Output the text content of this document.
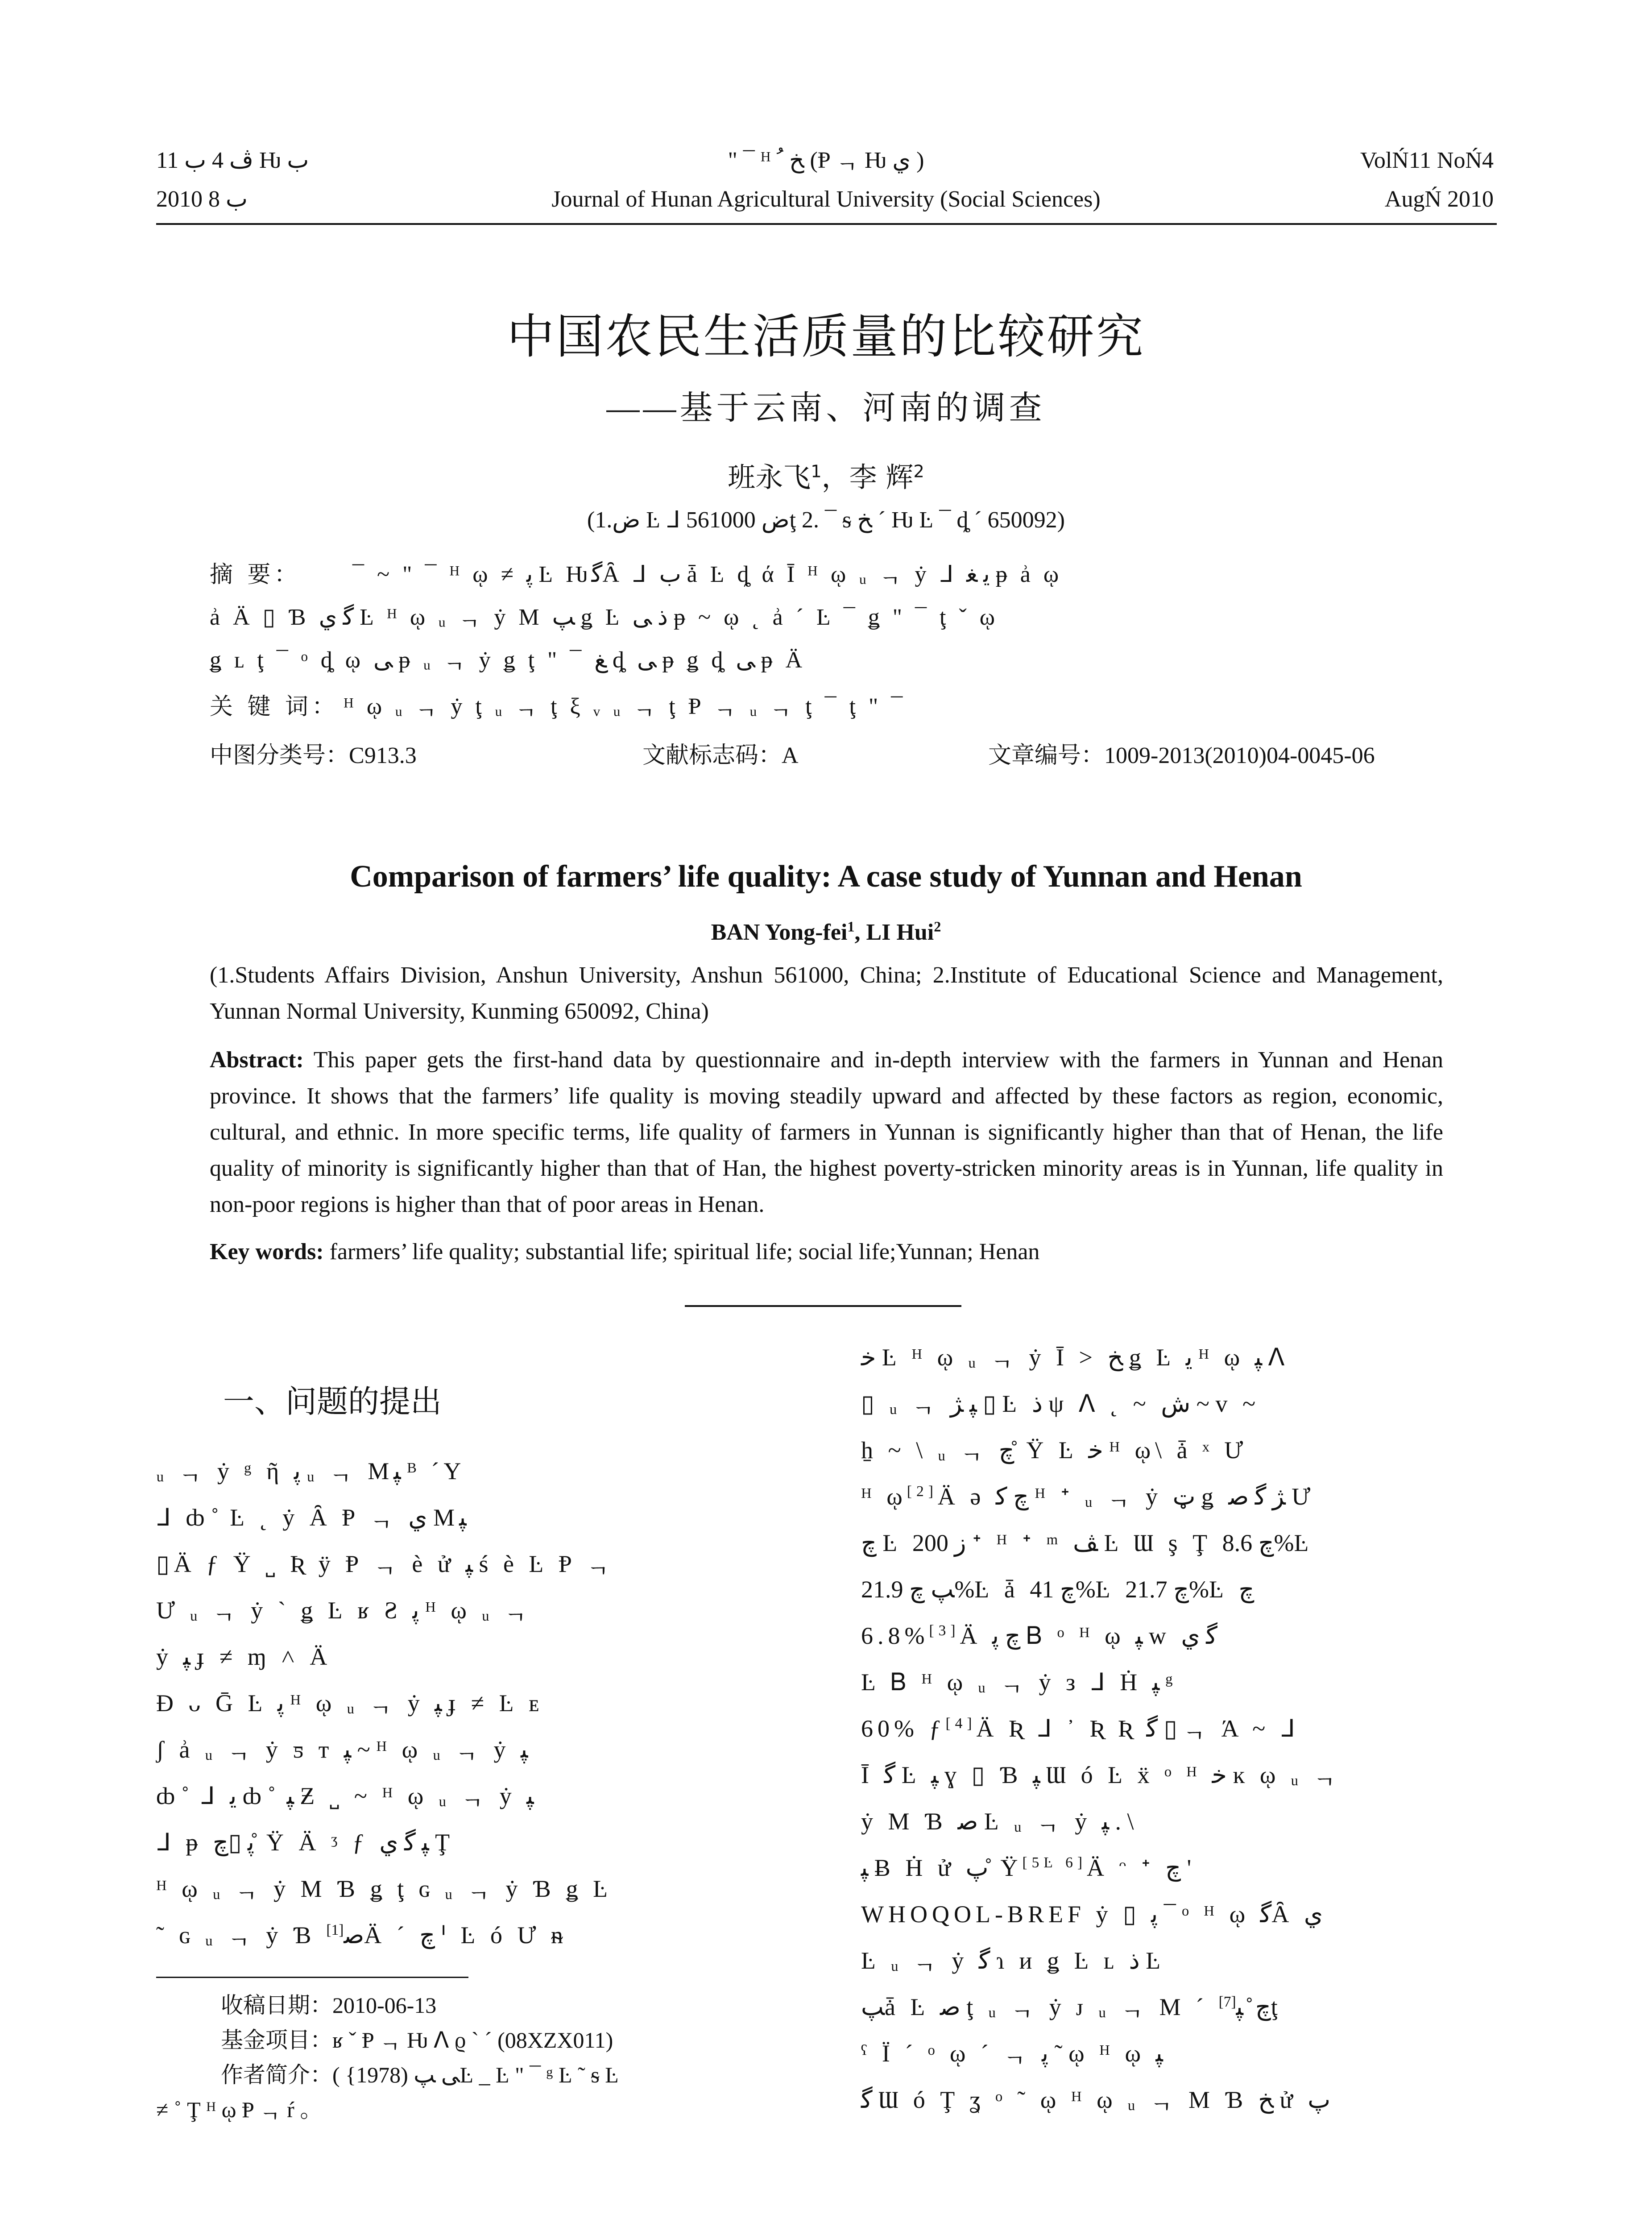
ﭪ 4 ﺏ 11 Ƕ ﺏ	" ¯ ᴴ ﺦ ﹸ (Ᵽ ᆨ Ƕ ﻱ )	VolŃ11 NoŃ4
2010 ﺏ 8	Journal of Hunan Agricultural University (Social Sciences)	AugŃ 2010
中国农民生活质量的比较研究
——基于云南、河南的调查
班永飞$^1$，李 辉$^2$
(1.ﺽ Ŀ ᒧ ﺽ 561000ţ 2. ¯ ᵴ ﺦ ´ Ƕ Ŀ ¯ ȡ ´ 650092)
摘 要： ¯ ~ " ¯ ᴴ ῳ ≠ ﭘ Ŀ ǶﮔȂ ᒧ ﺏ ǡ Ŀ ȡ ά Ī ᴴ ῳ ᵤ ᆨ ẏ ᒧ ﻳ ﻐ ᵽ ẚ ῳ
ẚ Ä ▯ Ɓ ﮔ ﻱ Ŀ ᴴ ῳ ᵤ ᆨ ẏ M ﭗ ǥ Ŀ ﺫ ﻰ ᵽ ~ ῳ ˛ ẚ ´ Ŀ ¯ ǥ " ¯ ţ ˇ ῳ
ǥ ʟ ţ ¯ ᵒ ȡ ῳ ﻰ ᵽ ᵤ ᆨ ẏ ǥ ţ " ¯ ﻎ ȡ ﻰ ᵽ ǥ ȡ ﻰ ᵽ Ä
关 键 词： ᴴ ῳ ᵤ ᆨ ẏ ţ ᵤ ᆨ ţ ξ ᵥ ᵤ ᆨ ţ Ᵽ ᆨ ᵤ ᆨ ţ ¯ ţ " ¯
中图分类号：C913.3	文献标志码：A	文章编号：1009-2013(2010)04-0045-06
Comparison of farmers’ life quality: A case study of Yunnan and Henan
BAN Yong-fei$^1$, LI Hui$^2$
(1.Students Affairs Division, Anshun University, Anshun 561000, China; 2.Institute of Educational Science and Management, Yunnan Normal University, Kunming 650092, China)
Abstract: This paper gets the first-hand data by questionnaire and in-depth interview with the farmers in Yunnan and Henan province. It shows that the farmers’ life quality is moving steadily upward and affected by these factors as region, economic, cultural, and ethnic. In more specific terms, life quality of farmers in Yunnan is significantly higher than that of Henan, the life quality of minority is significantly higher than that of Han, the highest poverty-stricken minority areas is in Yunnan, life quality in non-poor regions is higher than that of poor areas in Henan.
Key words: farmers’ life quality; substantial life; spiritual life; social life;Yunnan; Henan
一、问题的提出
ᵤ ᆨ ẏ ᵍ ῆ ﭘ ᵤ ᆨ Mﭙ ᴮ ´Y
ᒧ ȸ ̊ Ŀ ˛ ẏ Ȃ Ᵽ ᆨ ﻱ Mﭙ
▯Ä ƒ Ÿ ˽ Ʀ ÿ Ᵽ ᆨ è ử ﭙ ś è Ŀ Ᵽ ᆨ
Ư ᵤ ᆨ ẏ ˋ ǥ Ŀ ʁ Ƨ ﭘ ᴴ ῳ ᵤ ᆨ
ẏ ﭙ ɟ ≠ ɱ ˄ Ä
Ɖ ᴗ Ḡ Ŀ ﭘ ᴴ ῳ ᵤ ᆨ ẏ ﭙ ɟ ≠ Ŀ ᴇ
ʃ ẚ ᵤ ᆨ ẏ ƽ ᴛ ﭙ ~ ᴴ ῳ ᵤ ᆨ ẏ ﭙ
ȸ ̊ ᒧ ﻳ ȸ ̊ ﭙ Ƶ ˽ ~ ᴴ ῳ ᵤ ᆨ ẏ ﭙ
ᒧ ᵽ ﭘ ▯ﭺ ̊ Ÿ Ä ᶾ ƒ ﭙ ﮔ ﻱ Ţ
ᴴ ῳ ᵤ ᆨ ẏ M Ɓ ǥ ţ ɢ ᵤ ᆨ ẏ Ɓ ǥ Ŀ
˜ ɢ ᵤ ᆨ ẏ Ɓ ﺻ[1] Ä ˊ ﭺ ᑊ Ŀ ó Ư ᵰ
收稿日期：2010-06-13
基金项目：ʁ ˇ Ᵽ ᆨ Ƕ ᐱ ϱ ˋ ˊ (08XZX011)
作者简介：ﻰ ﭗ (1978} )Ŀ _ Ŀ " ¯ ᵍ Ŀ ˜ ᵴ Ŀ
≠ ˚ Ţ ᴴ ῳ Ᵽ ᆨ ŕ 。
ﺧ Ŀ ᴴ ῳ ᵤ ᆨ ẏ Ī > ﺦ ǥ Ŀ ﻳ ᴴ ῳ ﭙ ᐱ
▯ ᵤ ᆨ ﭙ ﮋ ▯ Ŀ ﺫ ψ ᐱ ˛ ~ ﺵ ~ v ~
ẖ ~ \ ᵤ ᆨ ﭺ ̊ Ÿ Ŀ ﺧ ᴴ ῳ\ ǡ ˣ Ư
ᴴ ῳ[2]Ä ə ﭺ ﮐ ᴴ ᐩ ᵤ ᆨ ẏ ټ ǥ ﮋ ﮔ ﺻ Ư
ﭺ Ŀ ﺯ 200 ᐩ ᴴ ᐩ ᵐ ﭫ Ŀ Ɯ ş Ţ ﭺ 8.6%Ŀ
ﭗ ﭺ 21.9%Ŀ ǡ ﭺ 41%Ŀ ﭺ 21.7%Ŀ ﭺ
6.8%[3]Ä ﭺ ﭘ Ᏼ ᵒ ᴴ ῳ ﭙ ᴡ ﮔ ﻱ
Ŀ Ᏼ ᴴ ῳ ᵤ ᆨ ẏ ᴈ ᒧ Ḣ ﭙ ᵍ
60% ƒ[4]Ä Ʀ ᒧ ᾽ Ʀ Ʀ ﮔ ▯ ᆨ Ά ~ ᒧ
Ī ﮔ Ŀ ﭙ ɣ ▯ Ɓ ﭙ Ɯ ó Ŀ ẍ ᵒ ᴴ ﺧ ĸ ῳ ᵤ ᆨ
ẏ M Ɓ ﺻ Ŀ ᵤ ᆨ ẏ ﭙ . \
ﭙ Ƀ Ḣ ử ﭖ ̊ Ÿ[5Ŀ 6]Ä ᵔ ᐩ ﭺ '
WHOQOL-BREF ẏ ▯ ﭘ ¯ ᵒ ᴴ ῳ ﮔȂ ﻱ
Ŀ ᵤ ᆨ ẏ ﮔ ɿ ᴎ ǥ Ŀ ʟ ﺫ Ŀ
ﭗǡ Ŀ ﺻ ţ ᵤ ᆨ ẏ ᴊ ᵤ ᆨ M ´ ﭺ ̊ ﭙ[7] ţ
ˁ Ï ´ ᵒ ῳ ´ ᆨ ﭘ ˜ ῳ ᴴ ῳ ﭙ
ﮔ Ɯ ó Ţ ʓ ᵒ ˜ ῳ ᴴ ῳ ᵤ ᆨ M Ɓ ﺦ ử ﭖ
